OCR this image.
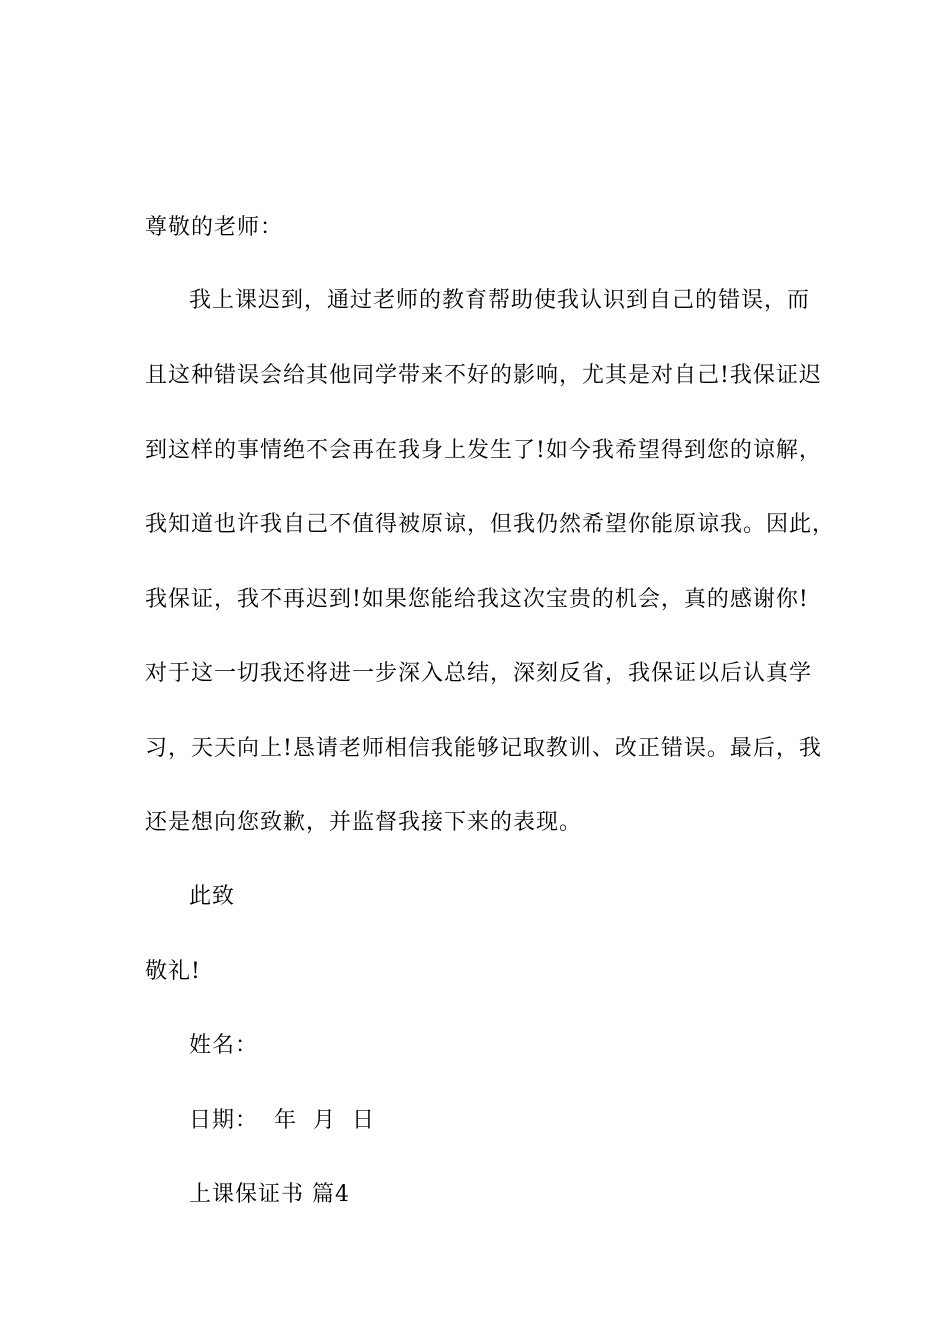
尊敬的老师：
我上课迟到，通过老师的教育帮助使我认识到自己的错误，而
且这种错误会给其他同学带来不好的影响，尤其是对自己!我保证迟
到这样的事情绝不会再在我身上发生了!如今我希望得到您的谅解，
我知道也许我自己不值得被原谅，但我仍然希望你能原谅我。因此，
我保证，我不再迟到!如果您能给我这次宝贵的机会，真的感谢你!
对于这一切我还将进一步深入总结，深刻反省，我保证以后认真学
习，天天向上!恳请老师相信我能够记取教训、改正错误。最后，我
还是想向您致歉，并监督我接下来的表现。
此致
敬礼!
姓名：
日期：  年  月  日
上课保证书 篇4
